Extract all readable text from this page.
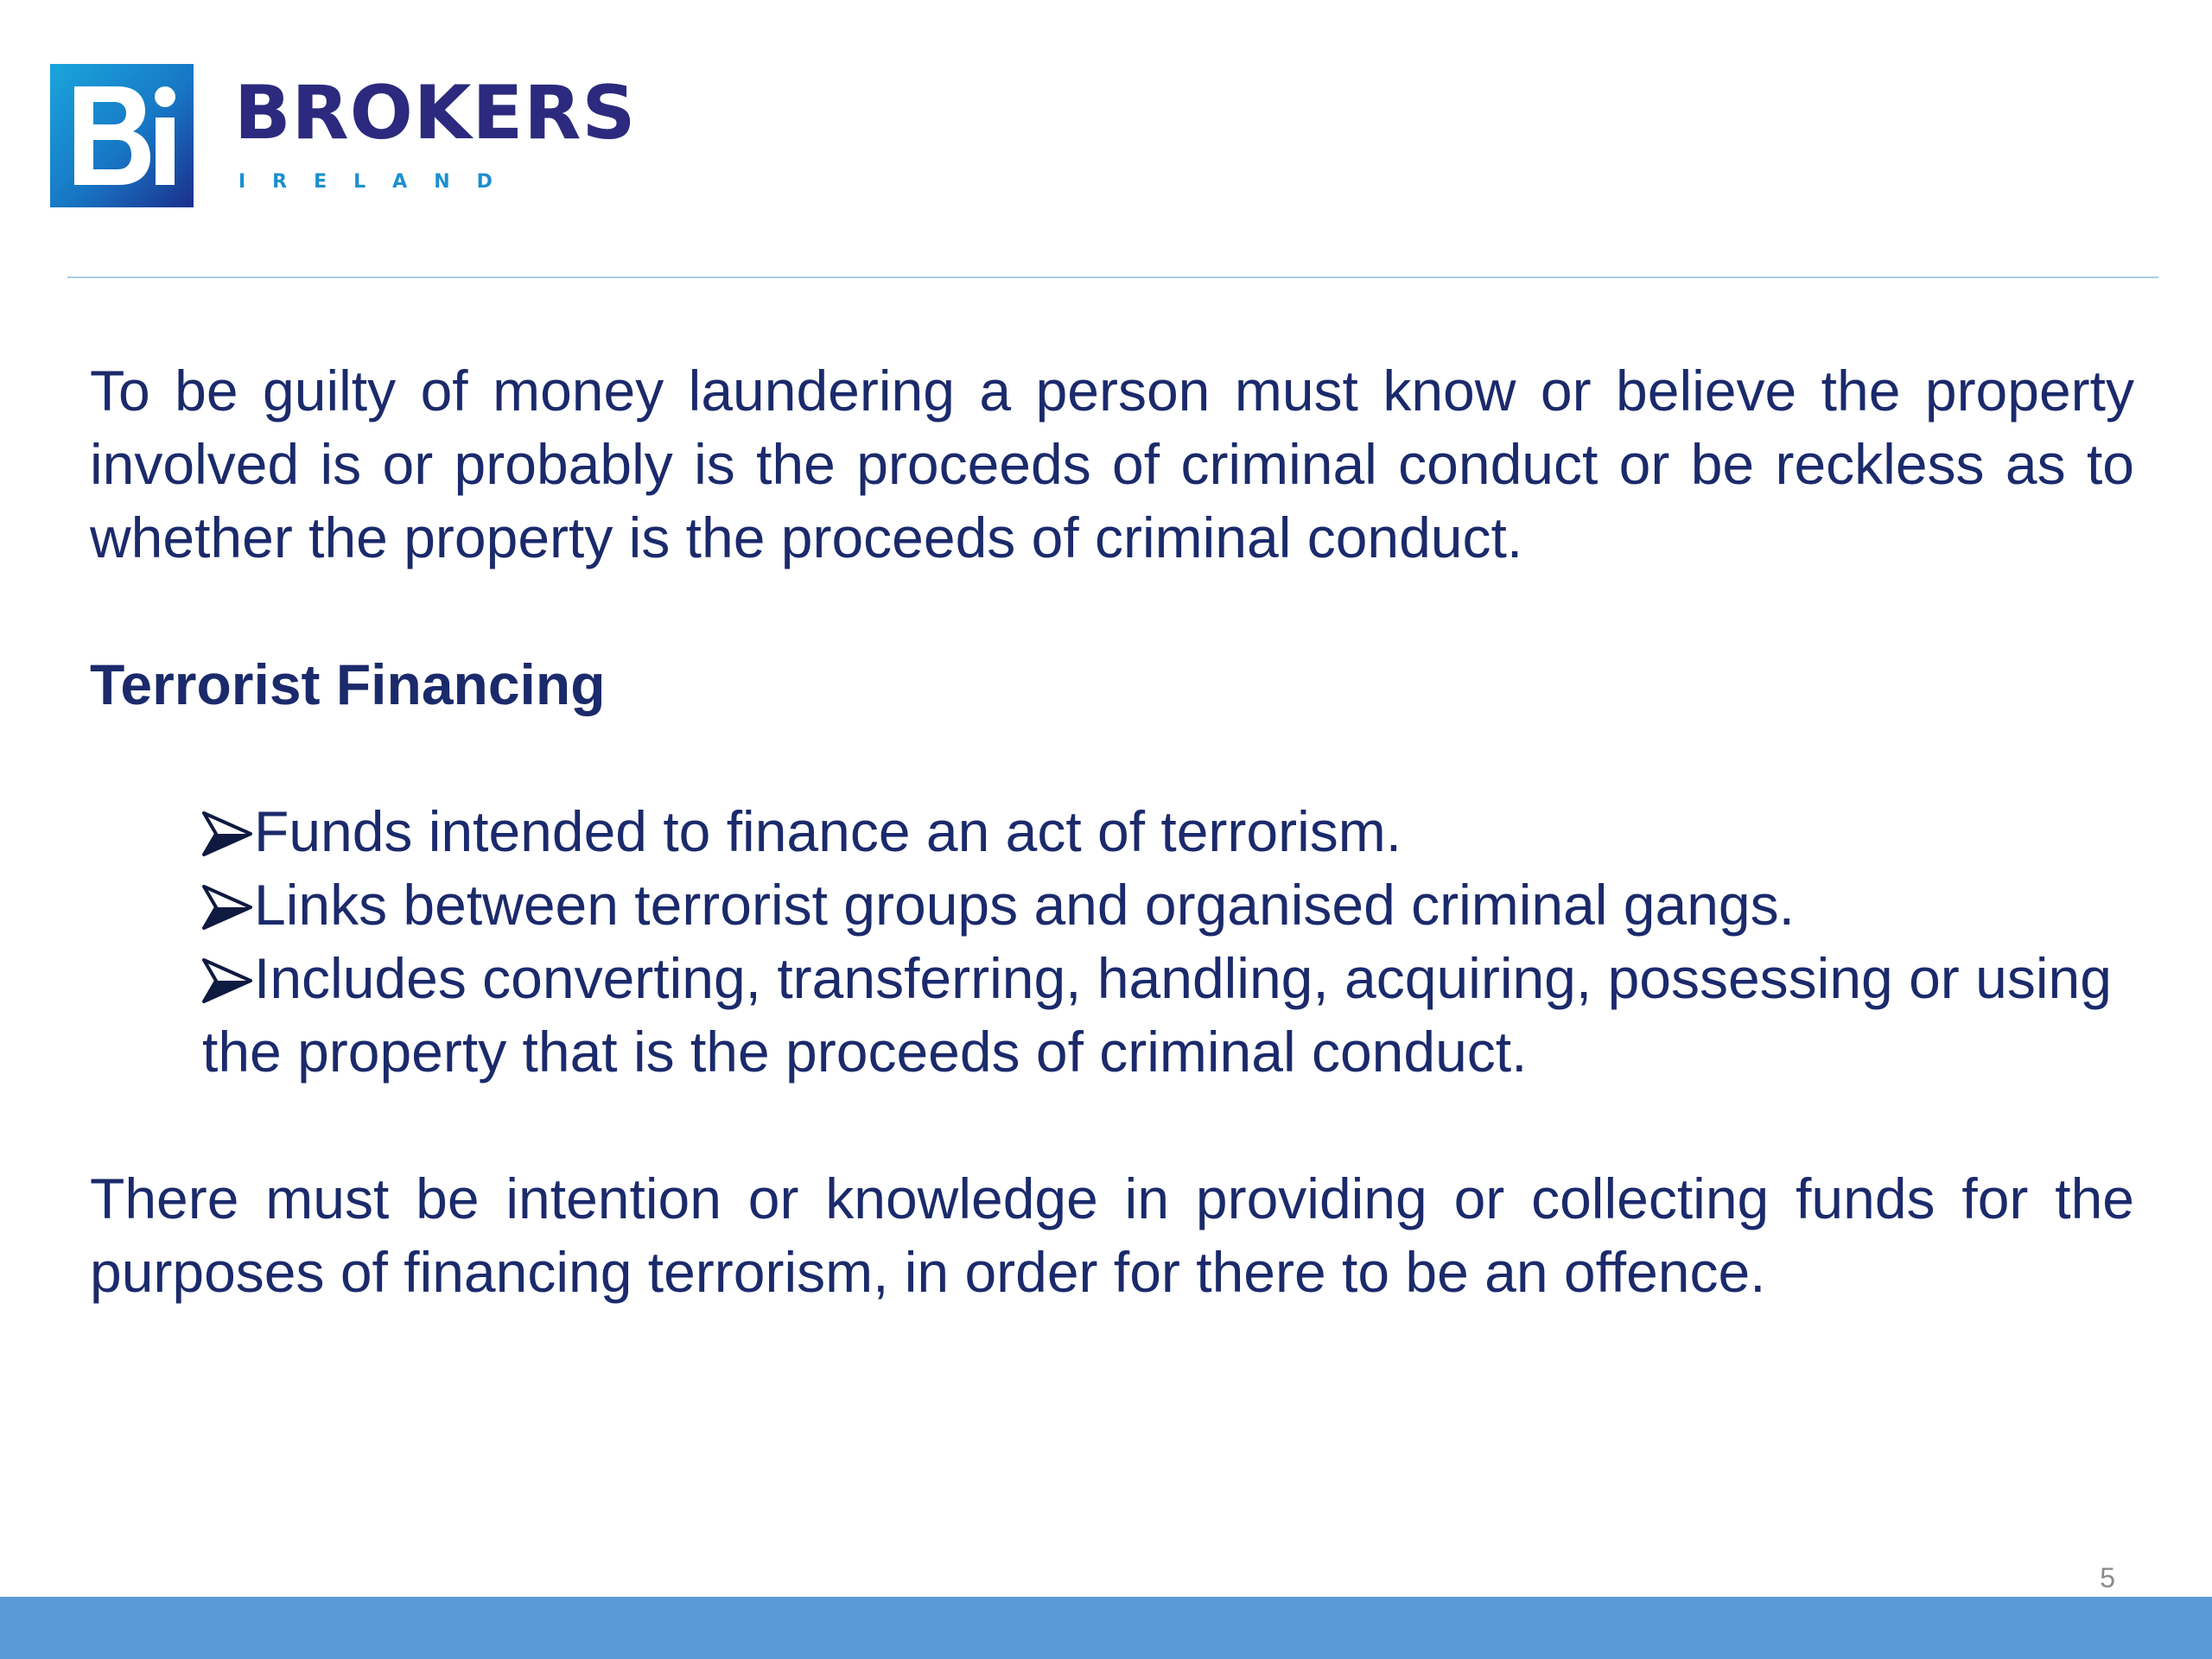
BROKERS

IRELAND

To be guilty of money laundering a person must know or believe the property involved is or probably is the proceeds of criminal conduct or be reckless as to whether the property is the proceeds of criminal conduct.

Terrorist Financing

Funds intended to finance an act of terrorism.
Links between terrorist groups and organised criminal gangs.
Includes converting, transferring, handling, acquiring, possessing or using the property that is the proceeds of criminal conduct.

There must be intention or knowledge in providing or collecting funds for the purposes of financing terrorism, in order for there to be an offence.

5
